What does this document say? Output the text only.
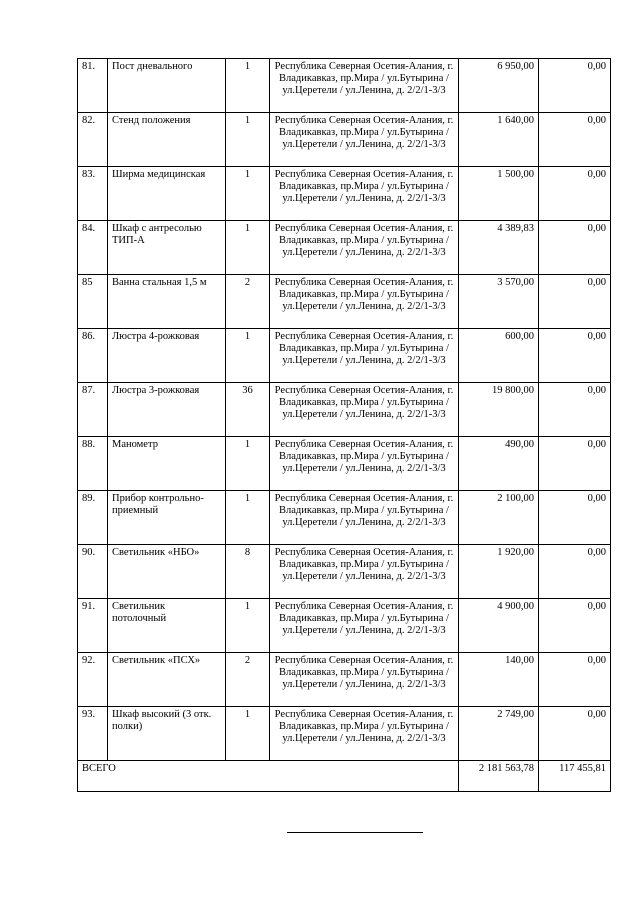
81.	Пост дневального	1	Республика Северная Осетия-Алания, г. Владикавказ, пр.Мира / ул.Бутырина / ул.Церетели / ул.Ленина, д. 2/2/1-3/3	6 950,00	0,00
82.	Стенд положения	1	Республика Северная Осетия-Алания, г. Владикавказ, пр.Мира / ул.Бутырина / ул.Церетели / ул.Ленина, д. 2/2/1-3/3	1 640,00	0,00
83.	Ширма медицинская	1	Республика Северная Осетия-Алания, г. Владикавказ, пр.Мира / ул.Бутырина / ул.Церетели / ул.Ленина, д. 2/2/1-3/3	1 500,00	0,00
84.	Шкаф с антресолью ТИП-А	1	Республика Северная Осетия-Алания, г. Владикавказ, пр.Мира / ул.Бутырина / ул.Церетели / ул.Ленина, д. 2/2/1-3/3	4 389,83	0,00
85	Ванна стальная 1,5 м	2	Республика Северная Осетия-Алания, г. Владикавказ, пр.Мира / ул.Бутырина / ул.Церетели / ул.Ленина, д. 2/2/1-3/3	3 570,00	0,00
86.	Люстра 4-рожковая	1	Республика Северная Осетия-Алания, г. Владикавказ, пр.Мира / ул.Бутырина / ул.Церетели / ул.Ленина, д. 2/2/1-3/3	600,00	0,00
87.	Люстра 3-рожковая	36	Республика Северная Осетия-Алания, г. Владикавказ, пр.Мира / ул.Бутырина / ул.Церетели / ул.Ленина, д. 2/2/1-3/3	19 800,00	0,00
88.	Манометр	1	Республика Северная Осетия-Алания, г. Владикавказ, пр.Мира / ул.Бутырина / ул.Церетели / ул.Ленина, д. 2/2/1-3/3	490,00	0,00
89.	Прибор контрольно-приемный	1	Республика Северная Осетия-Алания, г. Владикавказ, пр.Мира / ул.Бутырина / ул.Церетели / ул.Ленина, д. 2/2/1-3/3	2 100,00	0,00
90.	Светильник «НБО»	8	Республика Северная Осетия-Алания, г. Владикавказ, пр.Мира / ул.Бутырина / ул.Церетели / ул.Ленина, д. 2/2/1-3/3	1 920,00	0,00
91.	Светильник потолочный	1	Республика Северная Осетия-Алания, г. Владикавказ, пр.Мира / ул.Бутырина / ул.Церетели / ул.Ленина, д. 2/2/1-3/3	4 900,00	0,00
92.	Светильник «ПСХ»	2	Республика Северная Осетия-Алания, г. Владикавказ, пр.Мира / ул.Бутырина / ул.Церетели / ул.Ленина, д. 2/2/1-3/3	140,00	0,00
93.	Шкаф высокий (3 отк. полки)	1	Республика Северная Осетия-Алания, г. Владикавказ, пр.Мира / ул.Бутырина / ул.Церетели / ул.Ленина, д. 2/2/1-3/3	2 749,00	0,00
ВСЕГО				2 181 563,78	117 455,81
